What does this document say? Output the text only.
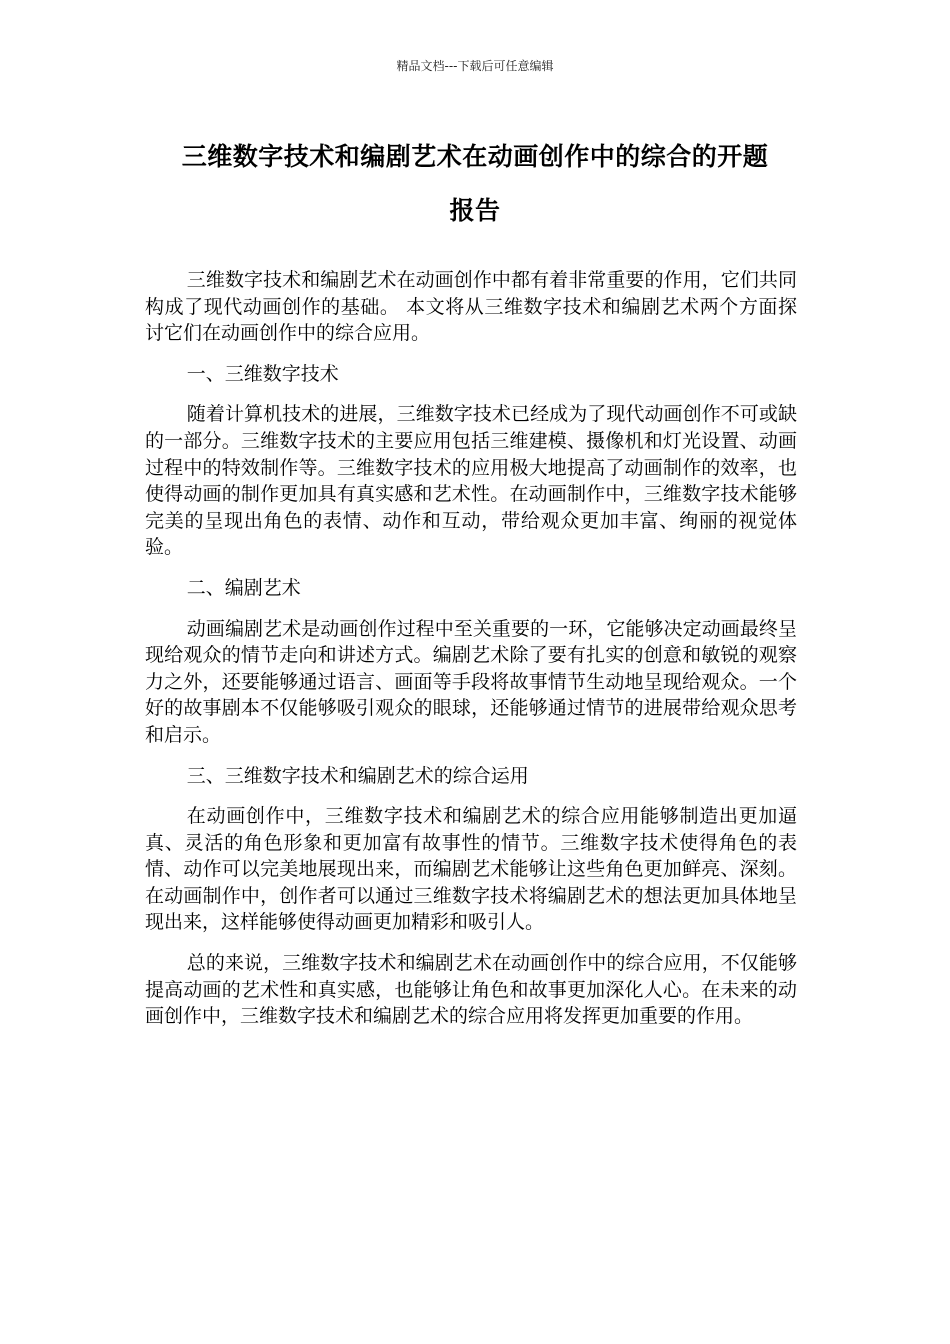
精品文档---下载后可任意编辑
三维数字技术和编剧艺术在动画创作中的综合的开题
报告

三维数字技术和编剧艺术在动画创作中都有着非常重要的作用，它们共同构成了现代动画创作的基础。 本文将从三维数字技术和编剧艺术两个方面探讨它们在动画创作中的综合应用。

一、三维数字技术

随着计算机技术的进展，三维数字技术已经成为了现代动画创作不可或缺的一部分。三维数字技术的主要应用包括三维建模、摄像机和灯光设置、动画过程中的特效制作等。三维数字技术的应用极大地提高了动画制作的效率，也使得动画的制作更加具有真实感和艺术性。在动画制作中，三维数字技术能够完美的呈现出角色的表情、动作和互动，带给观众更加丰富、绚丽的视觉体验。

二、编剧艺术

动画编剧艺术是动画创作过程中至关重要的一环，它能够决定动画最终呈现给观众的情节走向和讲述方式。编剧艺术除了要有扎实的创意和敏锐的观察力之外，还要能够通过语言、画面等手段将故事情节生动地呈现给观众。一个好的故事剧本不仅能够吸引观众的眼球，还能够通过情节的进展带给观众思考和启示。

三、三维数字技术和编剧艺术的综合运用

在动画创作中，三维数字技术和编剧艺术的综合应用能够制造出更加逼真、灵活的角色形象和更加富有故事性的情节。三维数字技术使得角色的表情、动作可以完美地展现出来，而编剧艺术能够让这些角色更加鲜亮、深刻。在动画制作中，创作者可以通过三维数字技术将编剧艺术的想法更加具体地呈现出来，这样能够使得动画更加精彩和吸引人。

总的来说，三维数字技术和编剧艺术在动画创作中的综合应用，不仅能够提高动画的艺术性和真实感，也能够让角色和故事更加深化人心。在未来的动画创作中，三维数字技术和编剧艺术的综合应用将发挥更加重要的作用。
